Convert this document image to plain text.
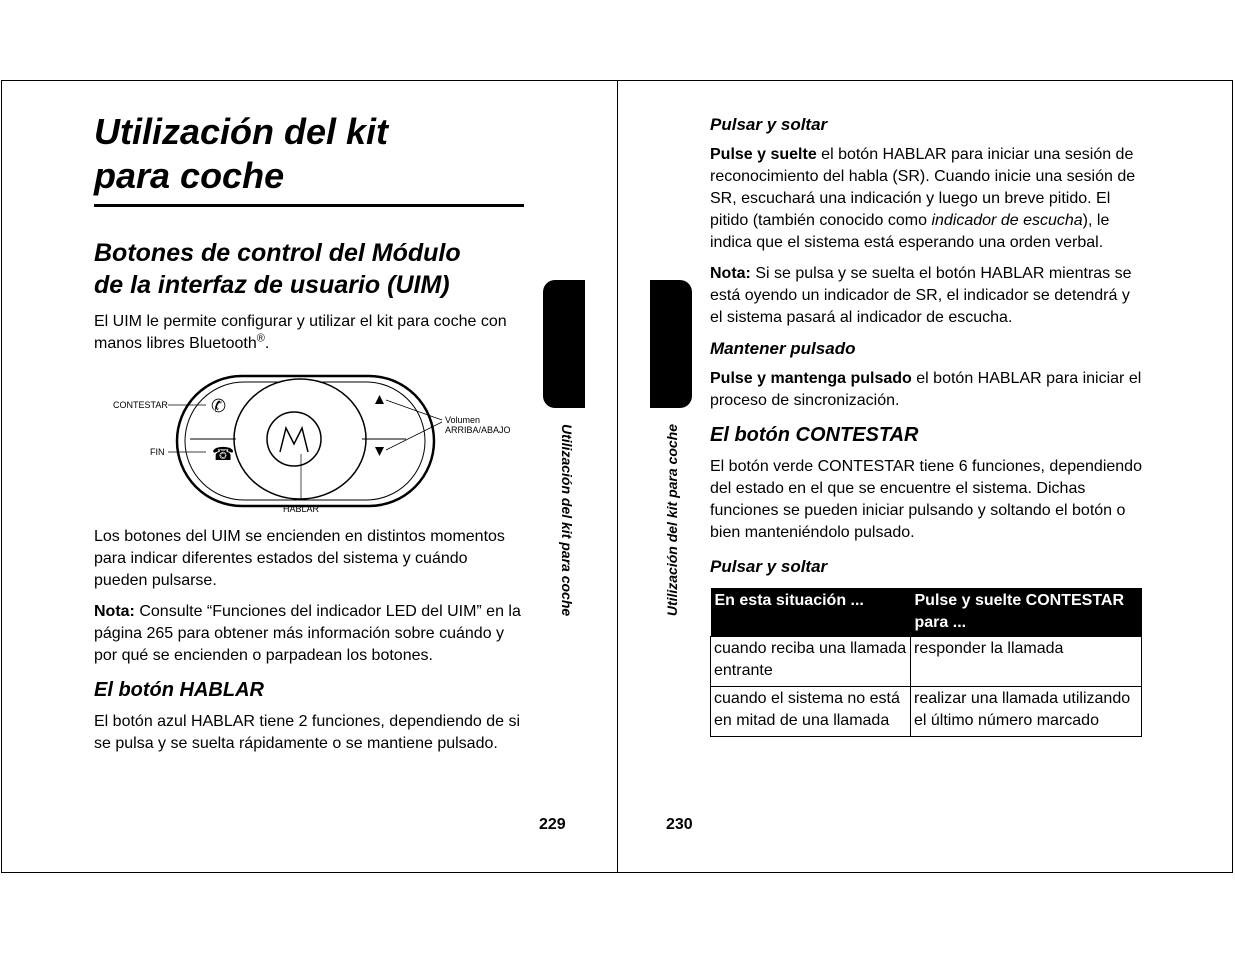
Utilización del kit
para coche
Botones de control del Módulo
de la interfaz de usuario (UIM)

El UIM le permite configurar y utilizar el kit para coche con manos libres Bluetooth®.

✆
☎
CONTESTAR
FIN
Volumen
ARRIBA/ABAJO
HABLAR

Los botones del UIM se encienden en distintos momentos para indicar diferentes estados del sistema y cuándo pueden pulsarse.

Nota: Consulte “Funciones del indicador LED del UIM” en la página 265 para obtener más información sobre cuándo y por qué se encienden o parpadean los botones.

El botón HABLAR

El botón azul HABLAR tiene 2 funciones, dependiendo de si se pulsa y se suelta rápidamente o se mantiene pulsado.

Utilización del kit para coche
229
Pulsar y soltar

Pulse y suelte el botón HABLAR para iniciar una sesión de reconocimiento del habla (SR). Cuando inicie una sesión de SR, escuchará una indicación y luego un breve pitido. El pitido (también conocido como indicador de escucha), le indica que el sistema está esperando una orden verbal.

Nota: Si se pulsa y se suelta el botón HABLAR mientras se está oyendo un indicador de SR, el indicador se detendrá y el sistema pasará al indicador de escucha.

Mantener pulsado

Pulse y mantenga pulsado el botón HABLAR para iniciar el proceso de sincronización.

El botón CONTESTAR

El botón verde CONTESTAR tiene 6 funciones, dependiendo del estado en el que se encuentre el sistema. Dichas funciones se pueden iniciar pulsando y soltando el botón o bien manteniéndolo pulsado.

Pulsar y soltar
En esta situación ...	Pulse y suelte CONTESTAR para ...
cuando reciba una llamada entrante	responder la llamada
cuando el sistema no está en mitad de una llamada	realizar una llamada utilizando el último número marcado
Utilización del kit para coche
230
